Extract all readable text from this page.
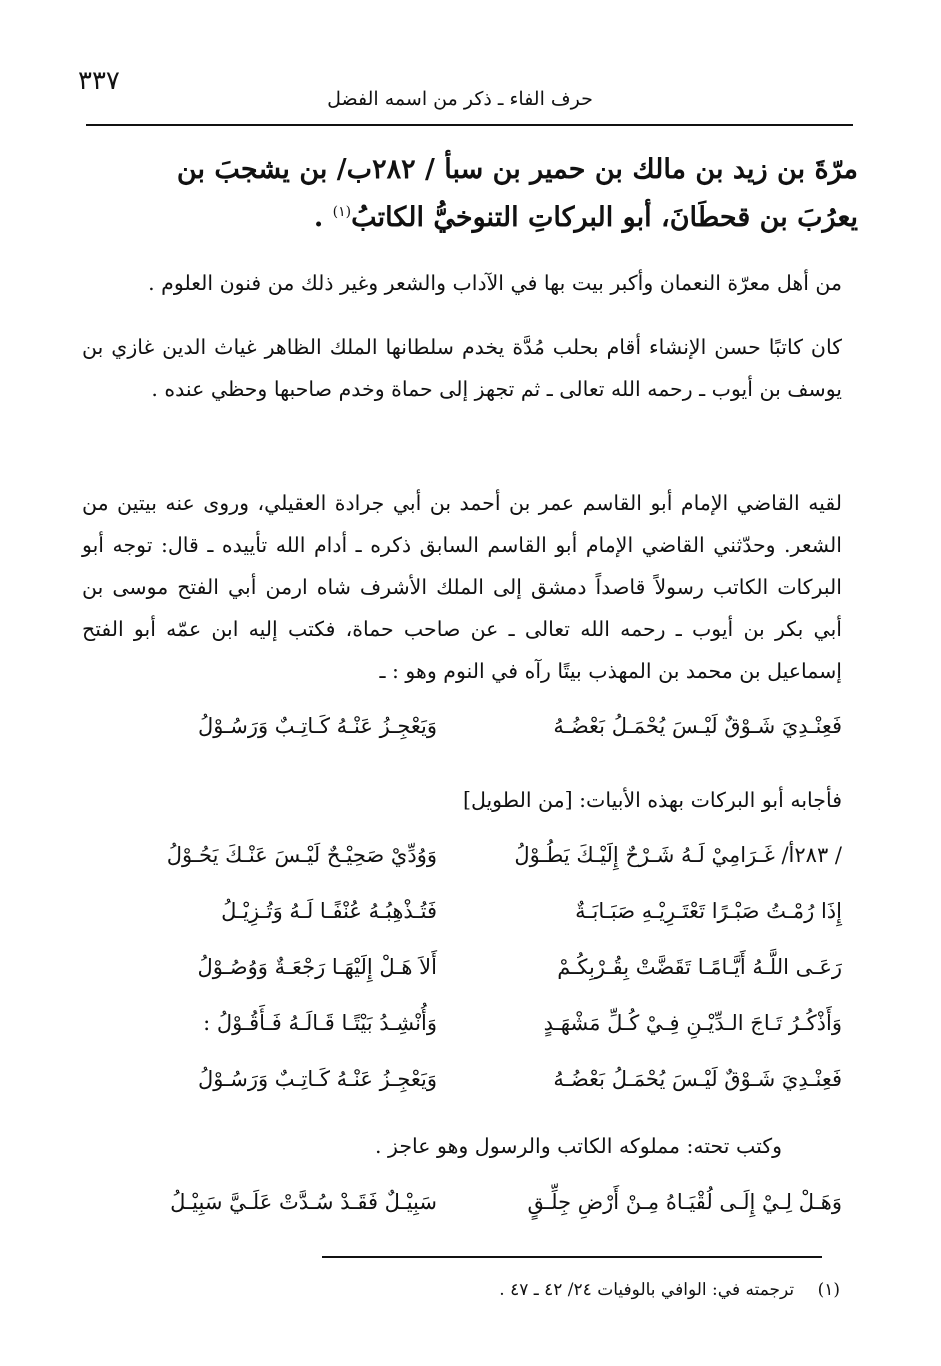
٣٣٧
حرف الفاء ـ ذكر من اسمه الفضل
مرّةَ بن زيد بن مالك بن حمير بن سبأ / ٢٨٢ب/ بن يشجبَ بن
يعرُبَ بن قحطَانَ، أبو البركاتِ التنوخيُّ الكاتبُ$^{(١)}$ .
من أهل معرّة النعمان وأكبر بيت بها في الآداب والشعر وغير ذلك من فنون العلوم .
كان كاتبًا حسن الإنشاء أقام بحلب مُدَّة يخدم سلطانها الملك الظاهر غياث الدين غازي بن يوسف بن أيوب ـ رحمه الله تعالى ـ ثم تجهز إلى حماة وخدم صاحبها وحظي عنده .
لقيه القاضي الإمام أبو القاسم عمر بن أحمد بن أبي جرادة العقيلي، وروى عنه بيتين من الشعر. وحدّثني القاضي الإمام أبو القاسم السابق ذكره ـ أدام الله تأييده ـ قال: توجه أبو البركات الكاتب رسولاً قاصداً دمشق إلى الملك الأشرف شاه ارمن أبي الفتح موسى بن أبي بكر بن أيوب ـ رحمه الله تعالى ـ عن صاحب حماة، فكتب إليه ابن عمّه أبو الفتح إسماعيل بن محمد بن المهذب بيتًا رآه في النوم وهو : ـ
فَعِنْـدِيَ شَـوْقٌ لَيْـسَ يُحْمَـلُ بَعْضُـهُ
وَيَعْجِـزُ عَنْـهُ كَـاتِـبٌ وَرَسُـوْلُ
فأجابه أبو البركات بهذه الأبيات: [من الطويل]
/ ٢٨٣أ/ غَـرَامِيْ لَـهُ شَـرْحٌ إِلَيْـكَ يَطُـوْلُ
وَوُدِّيْ صَحِيْـحٌ لَيْـسَ عَنْـكَ يَحُـوْلُ
إِذَا رُمْـتُ صَبْـرًا تَعْتَـرِيْـهِ صَبَـابَـةٌ
فَتُـذْهِبُـهُ عُنْفًـا لَـهُ وَتُـزِيْـلُ
رَعَـى اللَّـهُ أَيَّـامًـا تَقَضَّتْ بِقُـرْبِكُـمْ
أَلاَ هَـلْ إِلَيْهَـا رَجْعَـةٌ وَوُصُـوْلُ
وَأَذْكُـرُ تَـاجَ الـدِّيْـنِ فِـيْ كُـلِّ مَشْهَـدٍ
وَأُنْشِـدُ بَيْتًـا قَـالَـهُ فَـأَقُـوْلُ :
فَعِنْـدِيَ شَـوْقٌ لَيْـسَ يُحْمَـلُ بَعْضُـهُ
وَيَعْجِـزُ عَنْـهُ كَـاتِـبٌ وَرَسُـوْلُ
وكتب تحته: مملوكه الكاتب والرسول وهو عاجز .
وَهَـلْ لِـيْ إِلَـى لُقْيَـاهُ مِـنْ أَرْضِ جِلِّـقٍ
سَبِيْـلٌ فَقَـدْ سُـدَّتْ عَلَـيَّ سَبِيْـلُ
(١) ترجمته في: الوافي بالوفيات ٢٤/ ٤٢ ـ ٤٧ .
